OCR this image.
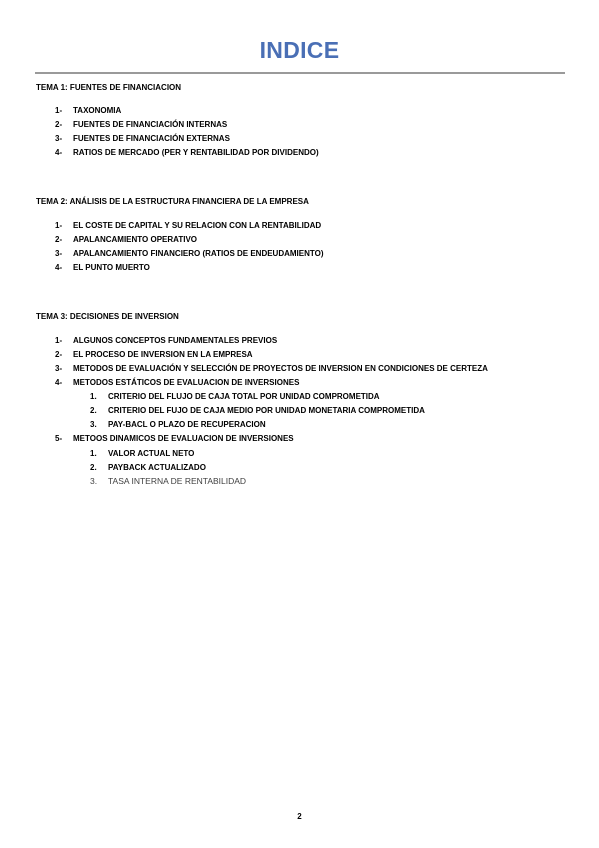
INDICE
TEMA 1: FUENTES DE FINANCIACION
1- TAXONOMIA
2- FUENTES DE FINANCIACIÓN INTERNAS
3- FUENTES DE FINANCIACIÓN EXTERNAS
4- RATIOS DE MERCADO (PER Y RENTABILIDAD POR DIVIDENDO)
TEMA 2: ANÁLISIS DE LA ESTRUCTURA FINANCIERA DE LA EMPRESA
1- EL COSTE DE CAPITAL Y SU RELACION CON LA RENTABILIDAD
2- APALANCAMIENTO OPERATIVO
3- APALANCAMIENTO FINANCIERO (RATIOS DE ENDEUDAMIENTO)
4- EL PUNTO MUERTO
TEMA 3: DECISIONES DE INVERSION
1- ALGUNOS CONCEPTOS FUNDAMENTALES PREVIOS
2- EL PROCESO DE INVERSION EN LA EMPRESA
3- METODOS DE EVALUACIÓN Y SELECCIÓN DE PROYECTOS DE INVERSION EN CONDICIONES DE CERTEZA
4- METODOS ESTÁTICOS DE EVALUACION DE INVERSIONES
1. CRITERIO DEL FLUJO DE CAJA TOTAL POR UNIDAD COMPROMETIDA
2. CRITERIO DEL FUJO DE CAJA MEDIO POR UNIDAD MONETARIA COMPROMETIDA
3. PAY-BACL O PLAZO DE RECUPERACION
5- METOOS DINAMICOS DE EVALUACION DE INVERSIONES
1. VALOR ACTUAL NETO
2. PAYBACK ACTUALIZADO
3. TASA INTERNA DE RENTABILIDAD
2
